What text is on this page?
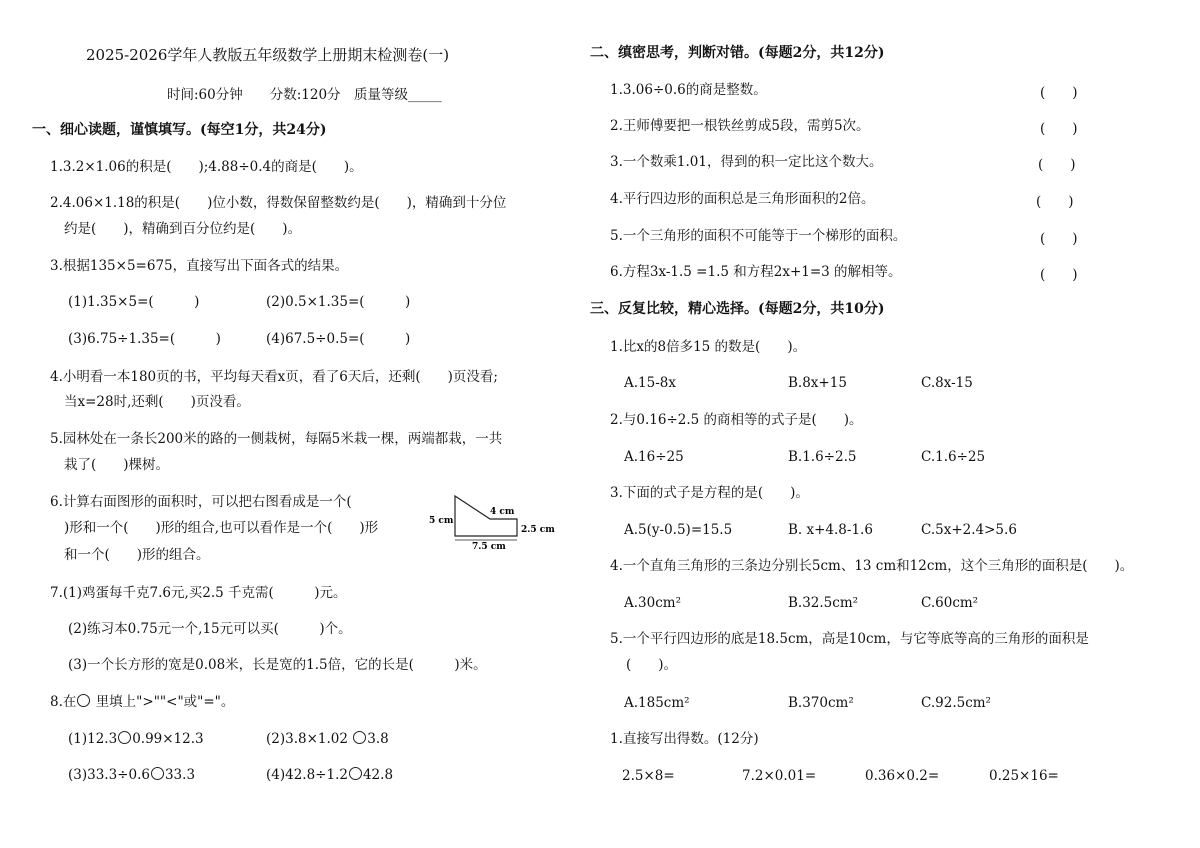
2025-2026学年人教版五年级数学上册期末检测卷(一)
时间:60分钟　　分数:120分　质量等级_____
一、细心读题，谨慎填写。(每空1分，共24分)
1.3.2×1.06的积是(　　);4.88÷0.4的商是(　　)。
2.4.06×1.18的积是(　　)位小数，得数保留整数约是(　　)，精确到十分位
约是(　　)，精确到百分位约是(　　)。
3.根据135×5=675，直接写出下面各式的结果。
(1)1.35×5=(　　　)	(2)0.5×1.35=(　　　)
(3)6.75÷1.35=(　　　)	(4)67.5÷0.5=(　　　)
4.小明看一本180页的书，平均每天看x页，看了6天后，还剩(　　)页没看;
当x=28时,还剩(　　)页没看。
5.园林处在一条长200米的路的一侧栽树，每隔5米栽一棵，两端都栽，一共
栽了(　　)棵树。
6.计算右面图形的面积时，可以把右图看成是一个(
)形和一个(　　)形的组合,也可以看作是一个(　　)形
和一个(　　)形的组合。
5 cm
4 cm
2.5 cm
7.5 cm
7.(1)鸡蛋每千克7.6元,买2.5 千克需(　　　)元。
(2)练习本0.75元一个,15元可以买(　　　)个。
(3)一个长方形的宽是0.08米，长是宽的1.5倍，它的长是(　　　)米。
8.在 里填上">""<"或"="。
(1)12.3 0.99×12.3	(2)3.8×1.02 3.8
(3)33.3÷0.6 33.3	(4)42.8÷1.2 42.8
二、缜密思考，判断对错。(每题2分，共12分)
1.3.06÷0.6的商是整数。	(　　)
2.王师傅要把一根铁丝剪成5段，需剪5次。	(　　)
3.一个数乘1.01，得到的积一定比这个数大。	(　　)
4.平行四边形的面积总是三角形面积的2倍。	(　　)
5.一个三角形的面积不可能等于一个梯形的面积。	(　　)
6.方程3x-1.5 =1.5 和方程2x+1=3 的解相等。	(　　)
三、反复比较，精心选择。(每题2分，共10分)
1.比x的8倍多15 的数是(　　)。
A.15-8x	B.8x+15	C.8x-15
2.与0.16÷2.5 的商相等的式子是(　　)。
A.16÷25	B.1.6÷2.5	C.1.6÷25
3.下面的式子是方程的是(　　)。
A.5(y-0.5)=15.5	B. x+4.8-1.6	C.5x+2.4>5.6
4.一个直角三角形的三条边分别长5cm、13 cm和12cm，这个三角形的面积是(　　)。
A.30cm²	B.32.5cm²	C.60cm²
5.一个平行四边形的底是18.5cm，高是10cm，与它等底等高的三角形的面积是
(　　)。
A.185cm²	B.370cm²	C.92.5cm²
1.直接写出得数。(12分)
2.5×8=	7.2×0.01=	0.36×0.2=	0.25×16=
